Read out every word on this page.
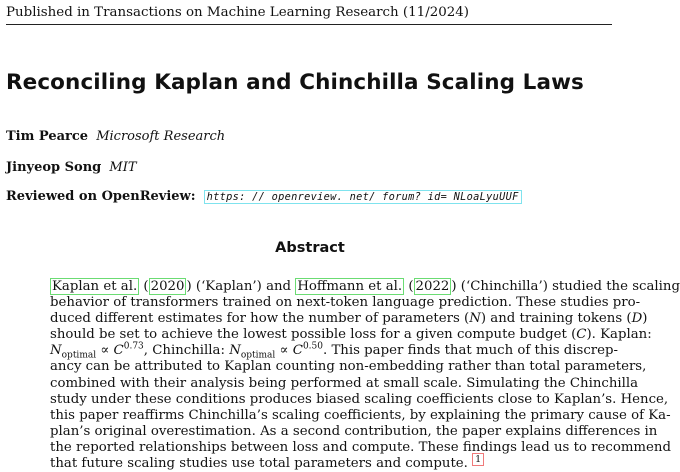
Published in Transactions on Machine Learning Research (11/2024)
Reconciling Kaplan and Chinchilla Scaling Laws
Tim Pearce Microsoft Research
Jinyeop Song MIT
Reviewed on OpenReview: https: // openreview. net/ forum? id= NLoaLyuUUF
Abstract
Kaplan et al. ( 2020 ) (‘Kaplan’) and Hoffmann et al. ( 2022 ) (‘Chinchilla’) studied the scaling
behavior of transformers trained on next-token language prediction. These studies pro-
duced different estimates for how the number of parameters (N) and training tokens (D)
should be set to achieve the lowest possible loss for a given compute budget (C). Kaplan:
$N_{optimal} \propto C^{0.73}$, Chinchilla: $N_{optimal} \propto C^{0.50}$. This paper finds that much of this discrep-
ancy can be attributed to Kaplan counting non-embedding rather than total parameters,
combined with their analysis being performed at small scale. Simulating the Chinchilla
study under these conditions produces biased scaling coefficients close to Kaplan’s. Hence,
this paper reaffirms Chinchilla’s scaling coefficients, by explaining the primary cause of Ka-
plan’s original overestimation. As a second contribution, the paper explains differences in
the reported relationships between loss and compute. These findings lead us to recommend
that future scaling studies use total parameters and compute. $^1$
